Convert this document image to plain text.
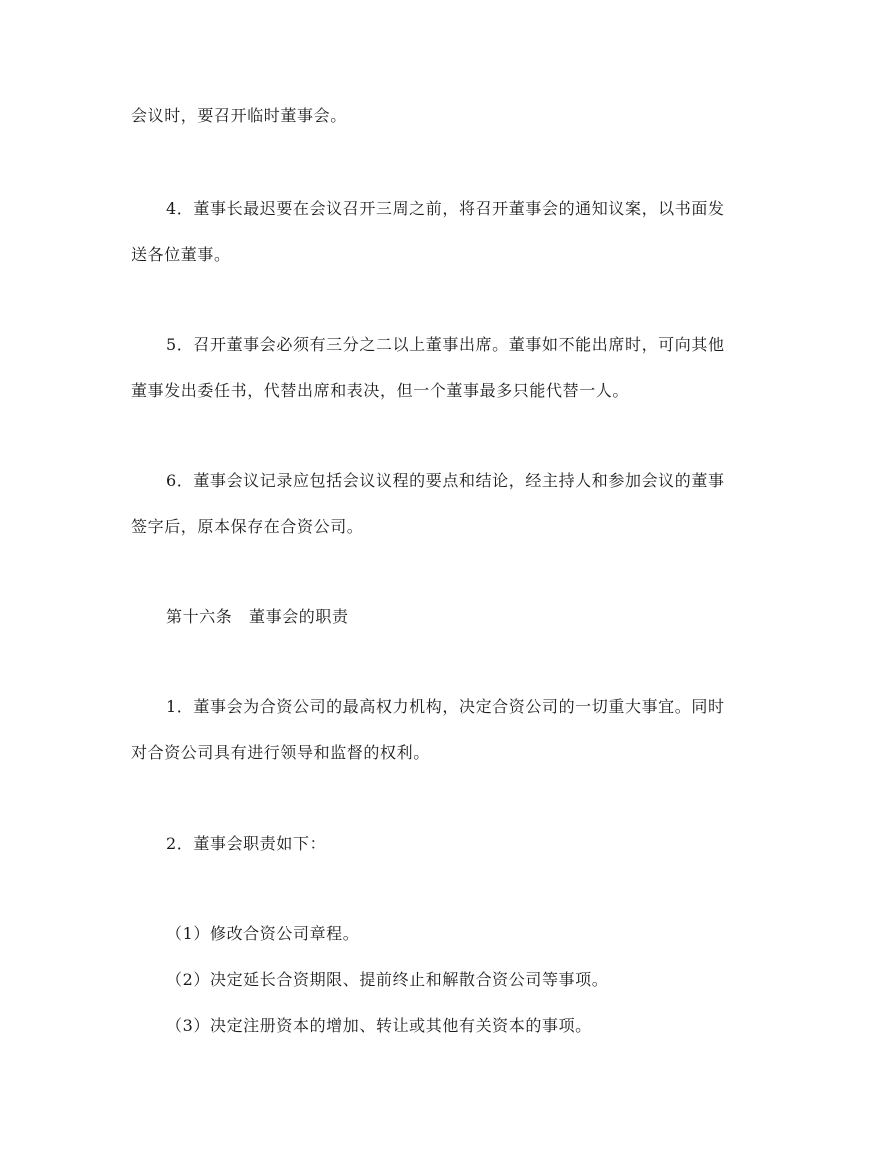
会议时，要召开临时董事会。
4．董事长最迟要在会议召开三周之前，将召开董事会的通知议案，以书面发
送各位董事。
5．召开董事会必须有三分之二以上董事出席。董事如不能出席时，可向其他
董事发出委任书，代替出席和表决，但一个董事最多只能代替一人。
6．董事会议记录应包括会议议程的要点和结论，经主持人和参加会议的董事
签字后，原本保存在合资公司。
第十六条　董事会的职责
1．董事会为合资公司的最高权力机构，决定合资公司的一切重大事宜。同时
对合资公司具有进行领导和监督的权利。
2．董事会职责如下：
（1）修改合资公司章程。
（2）决定延长合资期限、提前终止和解散合资公司等事项。
（3）决定注册资本的增加、转让或其他有关资本的事项。
